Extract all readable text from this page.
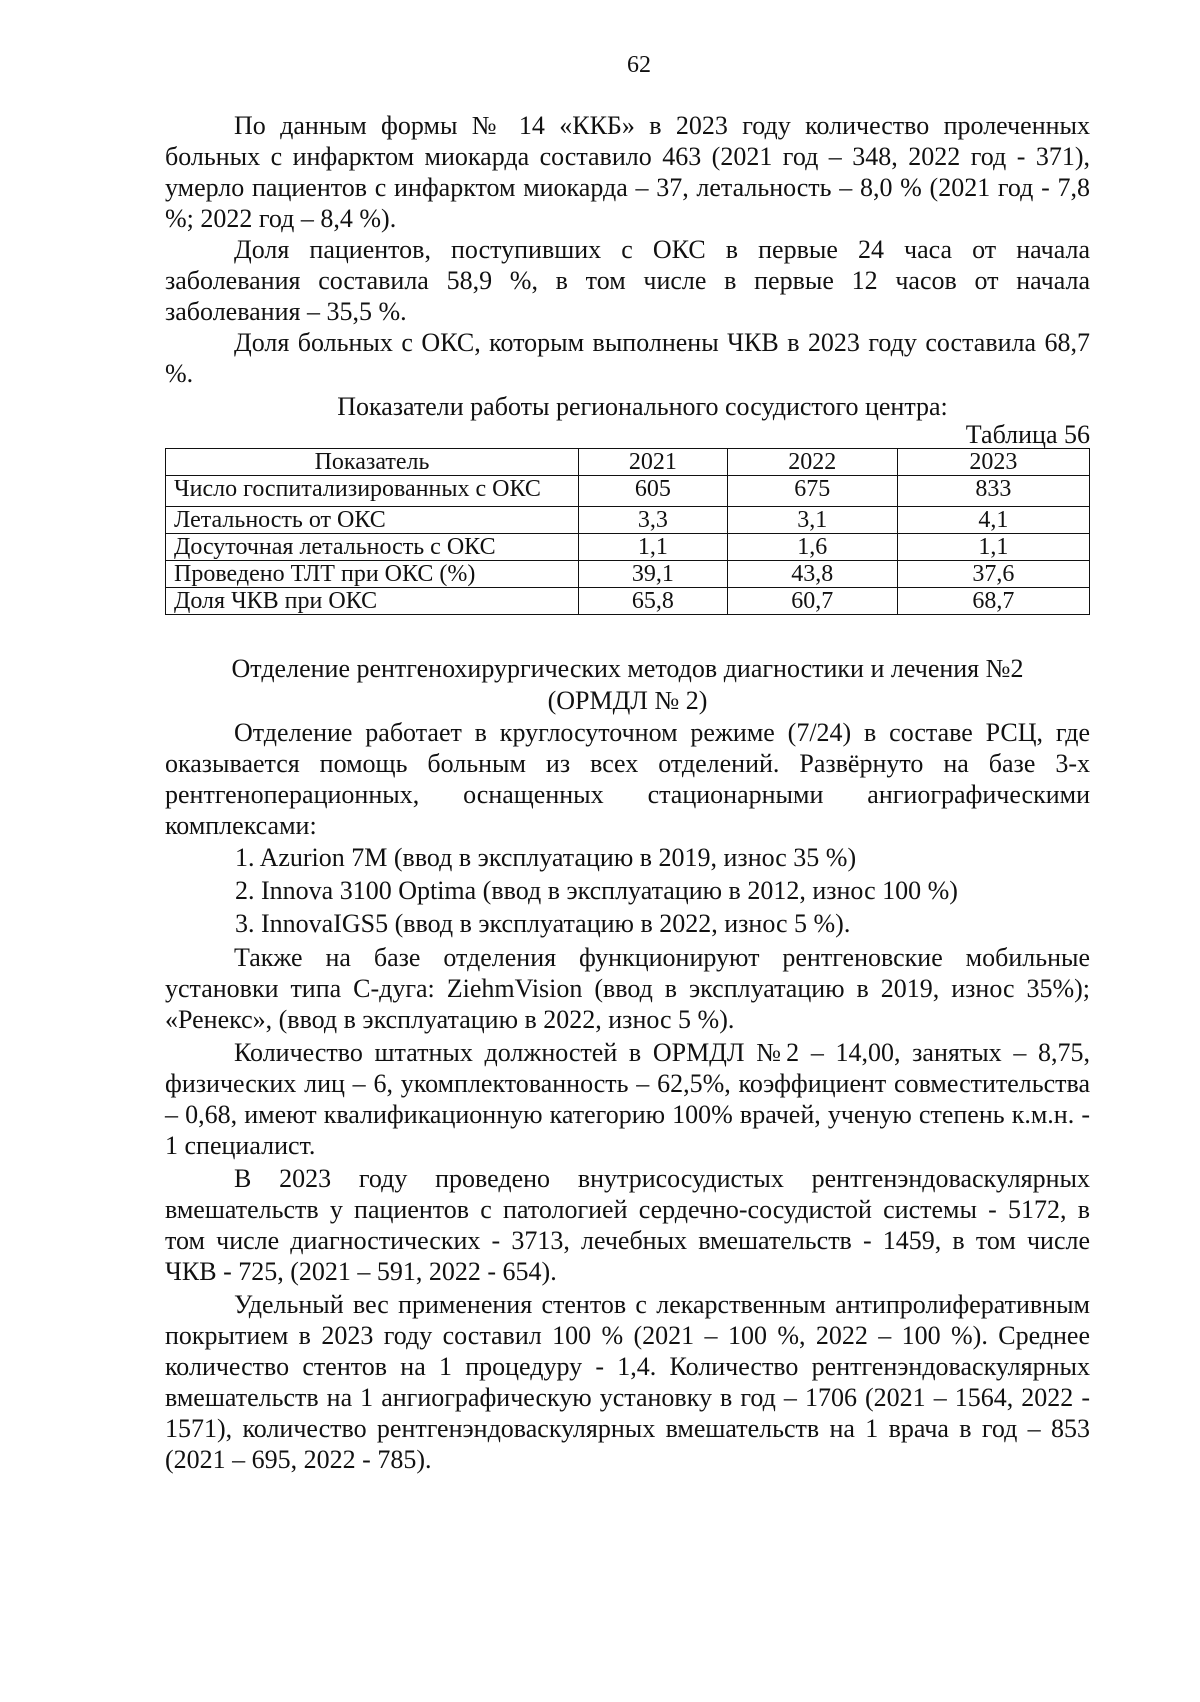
62

По данным формы № 14 «ККБ» в 2023 году количество пролеченных больных с инфарктом миокарда составило 463 (2021 год – 348, 2022 год - 371), умерло пациентов с инфарктом миокарда – 37, летальность – 8,0 % (2021 год - 7,8 %; 2022 год – 8,4 %).

Доля пациентов, поступивших с ОКС в первые 24 часа от начала заболевания составила 58,9 %, в том числе в первые 12 часов от начала заболевания – 35,5 %.

Доля больных с ОКС, которым выполнены ЧКВ в 2023 году составила 68,7 %.

Показатели работы регионального сосудистого центра:

Таблица 56

Показатель	2021	2022	2023
Число госпитализированных с ОКС	605	675	833
Летальность от ОКС	3,3	3,1	4,1
Досуточная летальность с ОКС	1,1	1,6	1,1
Проведено ТЛТ при ОКС (%)	39,1	43,8	37,6
Доля ЧКВ при ОКС	65,8	60,7	68,7

Отделение рентгенохирургических методов диагностики и лечения №2
(ОРМДЛ № 2)

Отделение работает в круглосуточном режиме (7/24) в составе РСЦ, где оказывается помощь больным из всех отделений. Развёрнуто на базе 3-х рентгеноперационных, оснащенных стационарными ангиографическими комплексами:

1. Azurion 7M (ввод в эксплуатацию в 2019, износ 35 %)
2. Innova 3100 Optima (ввод в эксплуатацию в 2012, износ 100 %)
3. InnovaIGS5 (ввод в эксплуатацию в 2022, износ 5 %).

Также на базе отделения функционируют рентгеновские мобильные установки типа С-дуга: ZiehmVision (ввод в эксплуатацию в 2019, износ 35%); «Ренекс», (ввод в эксплуатацию в 2022, износ 5 %).

Количество штатных должностей в ОРМДЛ №2 – 14,00, занятых – 8,75, физических лиц – 6, укомплектованность – 62,5%, коэффициент совместительства – 0,68, имеют квалификационную категорию 100% врачей, ученую степень к.м.н. - 1 специалист.

В 2023 году проведено внутрисосудистых рентгенэндоваскулярных вмешательств у пациентов с патологией сердечно-сосудистой системы - 5172, в том числе диагностических - 3713, лечебных вмешательств - 1459, в том числе ЧКВ - 725, (2021 – 591, 2022 - 654).

Удельный вес применения стентов с лекарственным антипролиферативным покрытием в 2023 году составил 100 % (2021 – 100 %, 2022 – 100 %). Среднее количество стентов на 1 процедуру - 1,4. Количество рентгенэндоваскулярных вмешательств на 1 ангиографическую установку в год – 1706 (2021 – 1564, 2022 - 1571), количество рентгенэндоваскулярных вмешательств на 1 врача в год – 853 (2021 – 695, 2022 - 785).
